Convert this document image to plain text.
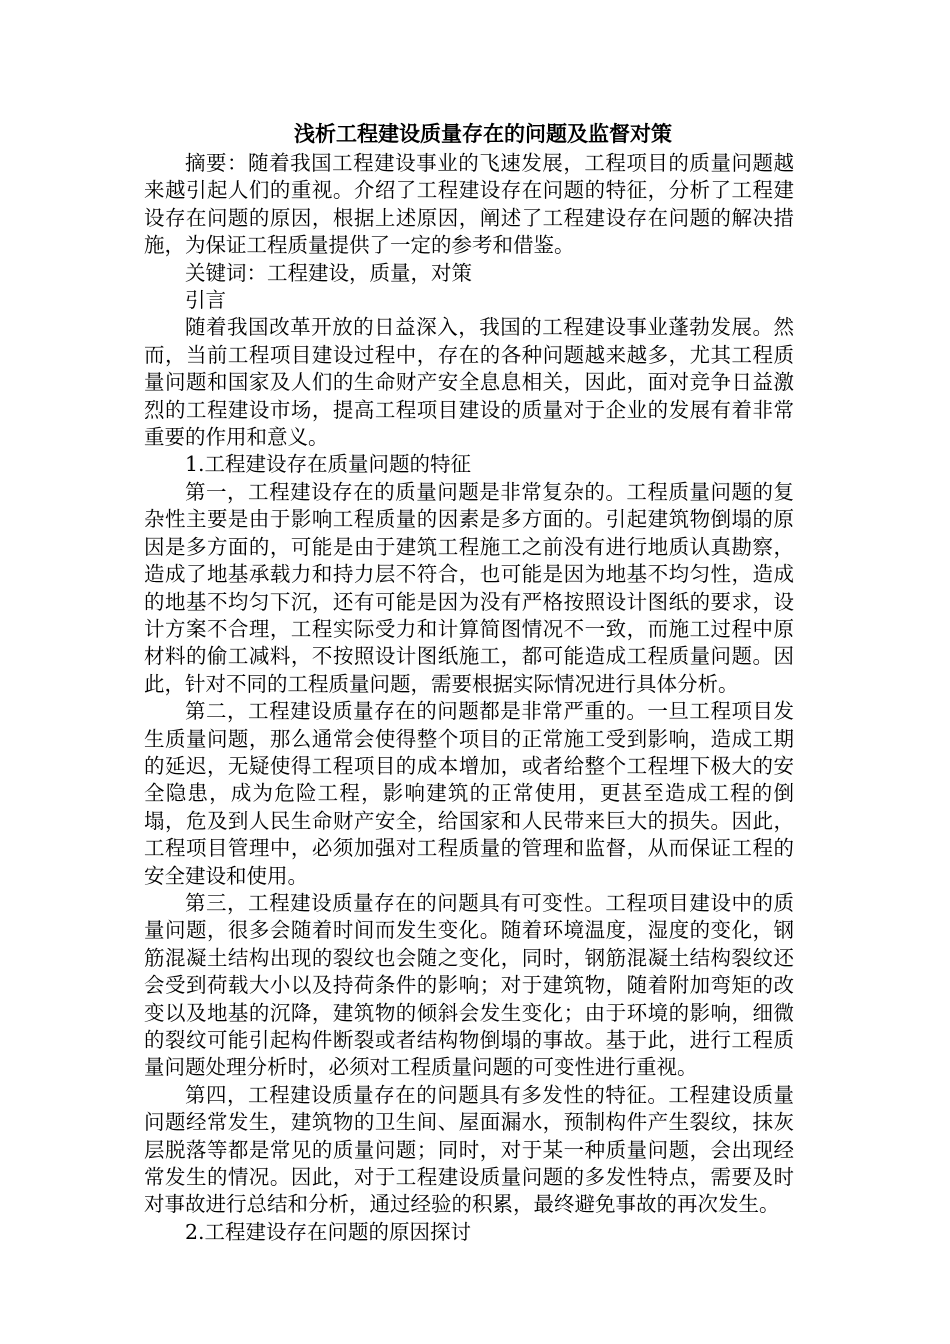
浅析工程建设质量存在的问题及监督对策

摘要：随着我国工程建设事业的飞速发展，工程项目的质量问题越来越引起人们的重视。介绍了工程建设存在问题的特征，分析了工程建设存在问题的原因，根据上述原因，阐述了工程建设存在问题的解决措施，为保证工程质量提供了一定的参考和借鉴。

关键词：工程建设，质量，对策

引言

随着我国改革开放的日益深入，我国的工程建设事业蓬勃发展。然而，当前工程项目建设过程中，存在的各种问题越来越多，尤其工程质量问题和国家及人们的生命财产安全息息相关，因此，面对竞争日益激烈的工程建设市场，提高工程项目建设的质量对于企业的发展有着非常重要的作用和意义。

1.工程建设存在质量问题的特征

第一，工程建设存在的质量问题是非常复杂的。工程质量问题的复杂性主要是由于影响工程质量的因素是多方面的。引起建筑物倒塌的原因是多方面的，可能是由于建筑工程施工之前没有进行地质认真勘察，造成了地基承载力和持力层不符合，也可能是因为地基不均匀性，造成的地基不均匀下沉，还有可能是因为没有严格按照设计图纸的要求，设计方案不合理，工程实际受力和计算简图情况不一致，而施工过程中原材料的偷工减料，不按照设计图纸施工，都可能造成工程质量问题。因此，针对不同的工程质量问题，需要根据实际情况进行具体分析。

第二，工程建设质量存在的问题都是非常严重的。一旦工程项目发生质量问题，那么通常会使得整个项目的正常施工受到影响，造成工期的延迟，无疑使得工程项目的成本增加，或者给整个工程埋下极大的安全隐患，成为危险工程，影响建筑的正常使用，更甚至造成工程的倒塌，危及到人民生命财产安全，给国家和人民带来巨大的损失。因此，工程项目管理中，必须加强对工程质量的管理和监督，从而保证工程的安全建设和使用。

第三，工程建设质量存在的问题具有可变性。工程项目建设中的质量问题，很多会随着时间而发生变化。随着环境温度，湿度的变化，钢筋混凝土结构出现的裂纹也会随之变化，同时，钢筋混凝土结构裂纹还会受到荷载大小以及持荷条件的影响；对于建筑物，随着附加弯矩的改变以及地基的沉降，建筑物的倾斜会发生变化；由于环境的影响，细微的裂纹可能引起构件断裂或者结构物倒塌的事故。基于此，进行工程质量问题处理分析时，必须对工程质量问题的可变性进行重视。

第四，工程建设质量存在的问题具有多发性的特征。工程建设质量问题经常发生，建筑物的卫生间、屋面漏水，预制构件产生裂纹，抹灰层脱落等都是常见的质量问题；同时，对于某一种质量问题，会出现经常发生的情况。因此，对于工程建设质量问题的多发性特点，需要及时对事故进行总结和分析，通过经验的积累，最终避免事故的再次发生。

2.工程建设存在问题的原因探讨
